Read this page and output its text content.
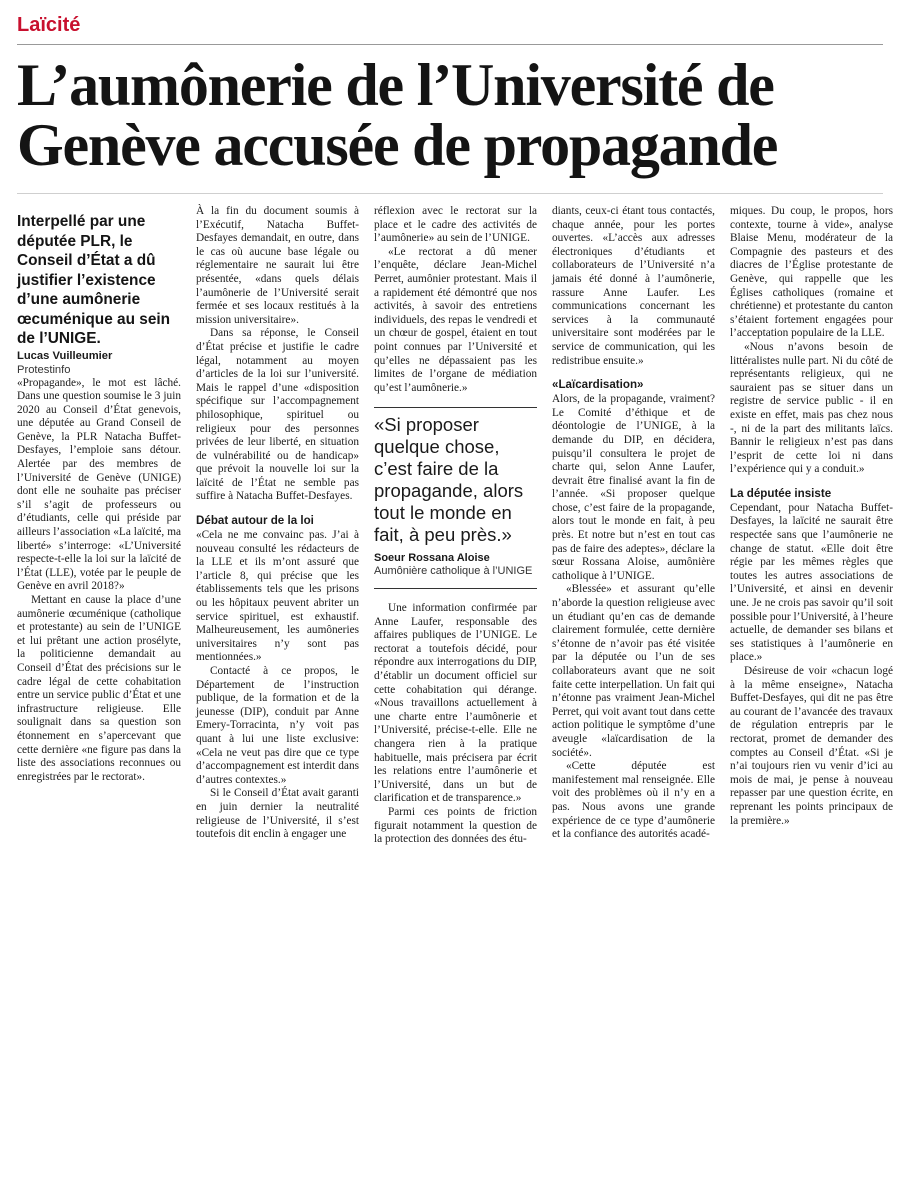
Laïcité
L’aumônerie de l’Université de Genève accusée de propagande

Interpellé par une députée PLR, le Conseil d’État a dû justifier l’existence d’une aumônerie œcuménique au sein de l’UNIGE.

Lucas Vuilleumier

Protestinfo

«Propagande», le mot est lâché. Dans une question soumise le 3 juin 2020 au Conseil d’État genevois, une députée au Grand Conseil de Genève, la PLR Natacha Buffet-Desfayes, l’emploie sans détour. Alertée par des membres de l’Université de Genève (UNIGE) dont elle ne souhaite pas préciser s’il s’agit de professeurs ou d’étudiants, celle qui préside par ailleurs l’association «La laïcité, ma liberté» s’interroge: «L’Université respecte-t-elle la loi sur la laïcité de l’État (LLE), votée par le peuple de Genève en avril 2018?»

Mettant en cause la place d’une aumônerie œcuménique (catholique et protestante) au sein de l’UNIGE et lui prêtant une action prosélyte, la politicienne demandait au Conseil d’État des précisions sur le cadre légal de cette cohabitation entre un service public d’État et une infrastructure religieuse. Elle soulignait dans sa question son étonnement en s’apercevant que cette dernière «ne figure pas dans la liste des associations reconnues ou enregistrées par le rectorat».

À la fin du document soumis à l’Exécutif, Natacha Buffet-Desfayes demandait, en outre, dans le cas où aucune base légale ou réglementaire ne saurait lui être présentée, «dans quels délais l’aumônerie de l’Université serait fermée et ses locaux restitués à la mission universitaire».

Dans sa réponse, le Conseil d’État précise et justifie le cadre légal, notamment au moyen d’articles de la loi sur l’université. Mais le rappel d’une «disposition spécifique sur l’accompagnement philosophique, spirituel ou religieux pour des personnes privées de leur liberté, en situation de vulnérabilité ou de handicap» que prévoit la nouvelle loi sur la laïcité de l’État ne semble pas suffire à Natacha Buffet-Desfayes.

Débat autour de la loi

«Cela ne me convainc pas. J’ai à nouveau consulté les rédacteurs de la LLE et ils m’ont assuré que l’article 8, qui précise que les établissements tels que les prisons ou les hôpitaux peuvent abriter un service spirituel, est exhaustif. Malheureusement, les aumôneries universitaires n’y sont pas mentionnées.»

Contacté à ce propos, le Département de l’instruction publique, de la formation et de la jeunesse (DIP), conduit par Anne Emery-Torracinta, n’y voit pas quant à lui une liste exclusive: «Cela ne veut pas dire que ce type d’accompagnement est interdit dans d’autres contextes.»

Si le Conseil d’État avait garanti en juin dernier la neutralité religieuse de l’Université, il s’est toutefois dit enclin à engager une

réflexion avec le rectorat sur la place et le cadre des activités de l’aumônerie» au sein de l’UNIGE.

«Le rectorat a dû mener l’enquête, déclare Jean-Michel Perret, aumônier protestant. Mais il a rapidement été démontré que nos activités, à savoir des entretiens individuels, des repas le vendredi et un chœur de gospel, étaient en tout point connues par l’Université et qu’elles ne dépassaient pas les limites de l’organe de médiation qu’est l’aumônerie.»

«Si proposer quelque chose, c’est faire de la propagande, alors tout le monde en fait, à peu près.»

Soeur Rossana Aloise

Aumônière catholique à l’UNIGE

Une information confirmée par Anne Laufer, responsable des affaires publiques de l’UNIGE. Le rectorat a toutefois décidé, pour répondre aux interrogations du DIP, d’établir un document officiel sur cette cohabitation qui dérange. «Nous travaillons actuellement à une charte entre l’aumônerie et l’Université, précise-t-elle. Elle ne changera rien à la pratique habituelle, mais précisera par écrit les relations entre l’aumônerie et l’Université, dans un but de clarification et de transparence.»

Parmi ces points de friction figurait notamment la question de la protection des données des étu-

diants, ceux-ci étant tous contactés, chaque année, pour les portes ouvertes. «L’accès aux adresses électroniques d’étudiants et collaborateurs de l’Université n’a jamais été donné à l’aumônerie, rassure Anne Laufer. Les communications concernant les services à la communauté universitaire sont modérées par le service de communication, qui les redistribue ensuite.»

«Laïcardisation»

Alors, de la propagande, vraiment? Le Comité d’éthique et de déontologie de l’UNIGE, à la demande du DIP, en décidera, puisqu’il consultera le projet de charte qui, selon Anne Laufer, devrait être finalisé avant la fin de l’année. «Si proposer quelque chose, c’est faire de la propagande, alors tout le monde en fait, à peu près. Et notre but n’est en tout cas pas de faire des adeptes», déclare la sœur Rossana Aloise, aumônière catholique à l’UNIGE.

«Blessée» et assurant qu’elle n’aborde la question religieuse avec un étudiant qu’en cas de demande clairement formulée, cette dernière s’étonne de n’avoir pas été visitée par la députée ou l’un de ses collaborateurs avant que ne soit faite cette interpellation. Un fait qui n’étonne pas vraiment Jean-Michel Perret, qui voit avant tout dans cette action politique le symptôme d’une aveugle «laïcardisation de la société».

«Cette députée est manifestement mal renseignée. Elle voit des problèmes où il n’y en a pas. Nous avons une grande expérience de ce type d’aumônerie et la confiance des autorités acadé-

miques. Du coup, le propos, hors contexte, tourne à vide», analyse Blaise Menu, modérateur de la Compagnie des pasteurs et des diacres de l’Église protestante de Genève, qui rappelle que les Églises catholiques (romaine et chrétienne) et protestante du canton s’étaient fortement engagées pour l’acceptation populaire de la LLE.

«Nous n’avons besoin de littéralistes nulle part. Ni du côté de représentants religieux, qui ne sauraient pas se situer dans un registre de service public - il en existe en effet, mais pas chez nous -, ni de la part des militants laïcs. Bannir le religieux n’est pas dans l’esprit de cette loi ni dans l’expérience qui y a conduit.»

La députée insiste

Cependant, pour Natacha Buffet-Desfayes, la laïcité ne saurait être respectée sans que l’aumônerie ne change de statut. «Elle doit être régie par les mêmes règles que toutes les autres associations de l’Université, et ainsi en devenir une. Je ne crois pas savoir qu’il soit possible pour l’Université, à l’heure actuelle, de demander ses bilans et ses statistiques à l’aumônerie en place.»

Désireuse de voir «chacun logé à la même enseigne», Natacha Buffet-Desfayes, qui dit ne pas être au courant de l’avancée des travaux de régulation entrepris par le rectorat, promet de demander des comptes au Conseil d’État. «Si je n’ai toujours rien vu venir d’ici au mois de mai, je pense à nouveau repasser par une question écrite, en reprenant les points principaux de la première.»
